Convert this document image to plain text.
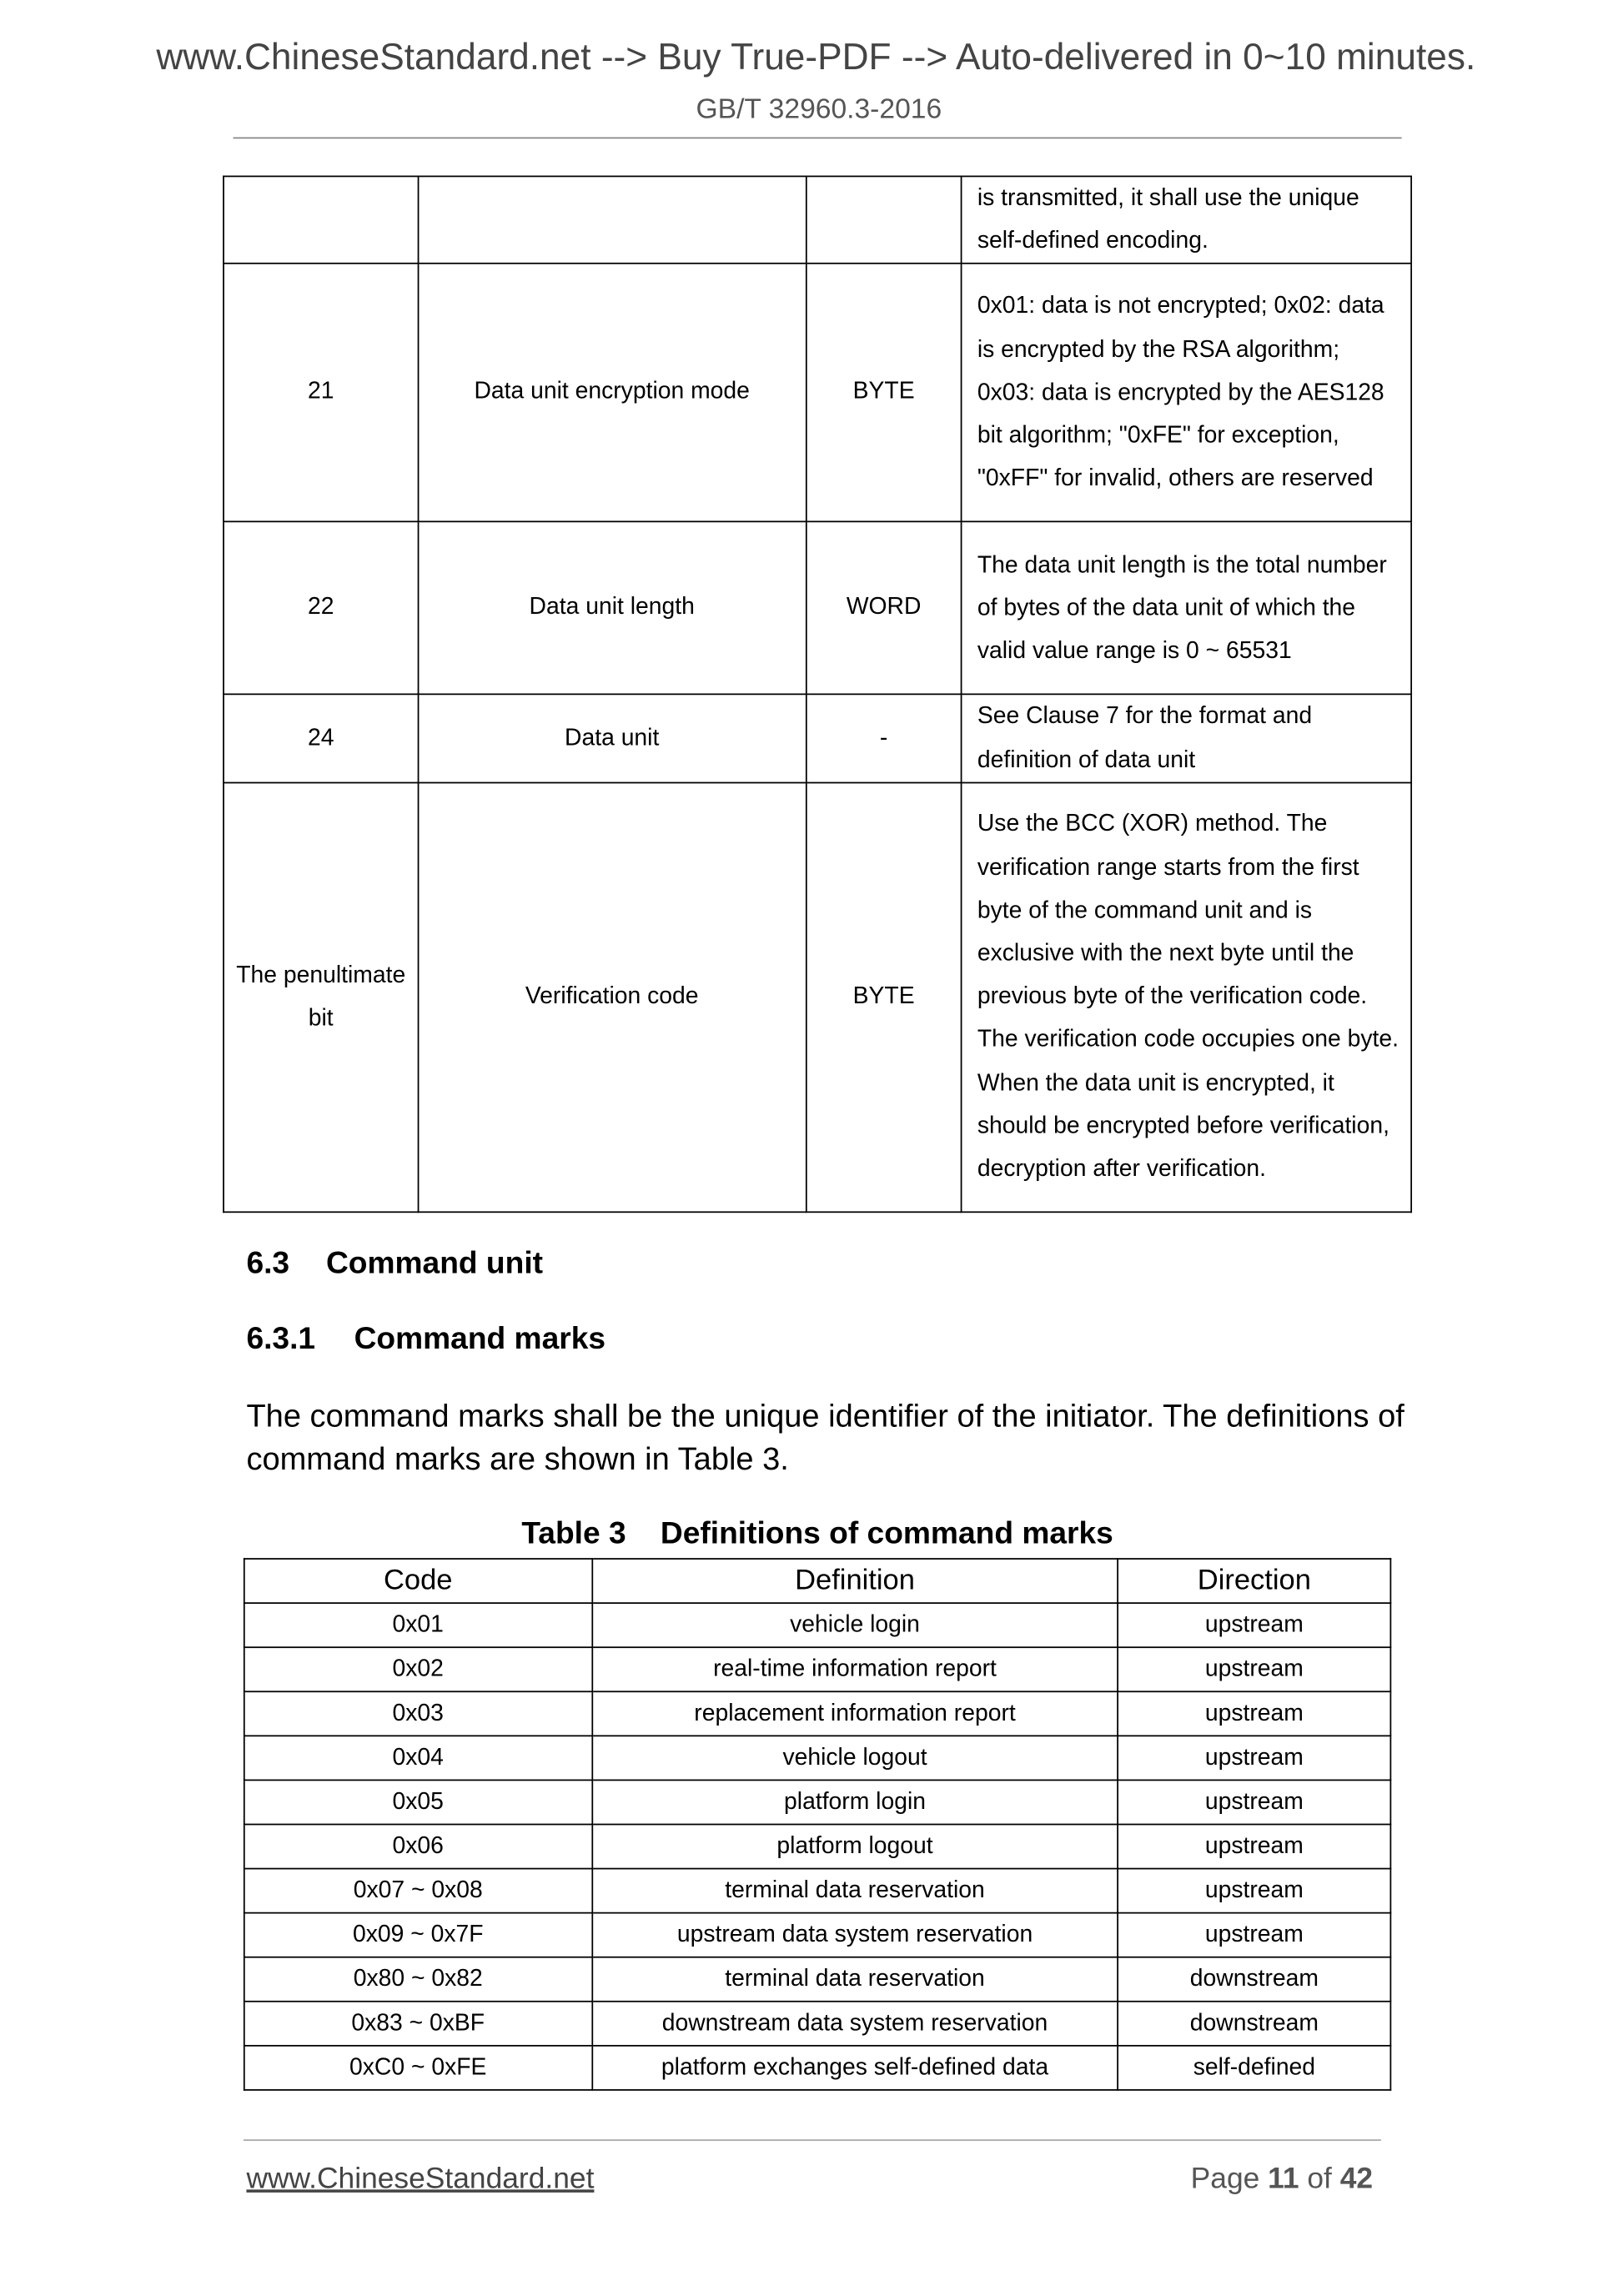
www.ChineseStandard.net --> Buy True-PDF --> Auto-delivered in 0~10 minutes.
GB/T 32960.3-2016
			is transmitted, it shall use the unique self-defined encoding.
21	Data unit encryption mode	BYTE	0x01: data is not encrypted; 0x02: data is encrypted by the RSA algorithm; 0x03: data is encrypted by the AES128 bit algorithm; "0xFE" for exception, "0xFF" for invalid, others are reserved
22	Data unit length	WORD	The data unit length is the total number of bytes of the data unit of which the valid value range is 0 ~ 65531
24	Data unit	-	See Clause 7 for the format and definition of data unit
The penultimate bit	Verification code	BYTE	Use the BCC (XOR) method. The verification range starts from the first byte of the command unit and is exclusive with the next byte until the previous byte of the verification code. The verification code occupies one byte. When the data unit is encrypted, it should be encrypted before verification, decryption after verification.
6.3 Command unit
6.3.1 Command marks
The command marks shall be the unique identifier of the initiator. The definitions of command marks are shown in Table 3.
Table 3    Definitions of command marks
Code	Definition	Direction
0x01	vehicle login	upstream
0x02	real-time information report	upstream
0x03	replacement information report	upstream
0x04	vehicle logout	upstream
0x05	platform login	upstream
0x06	platform logout	upstream
0x07 ~ 0x08	terminal data reservation	upstream
0x09 ~ 0x7F	upstream data system reservation	upstream
0x80 ~ 0x82	terminal data reservation	downstream
0x83 ~ 0xBF	downstream data system reservation	downstream
0xC0 ~ 0xFE	platform exchanges self-defined data	self-defined
www.ChineseStandard.net	Page 11 of 42
